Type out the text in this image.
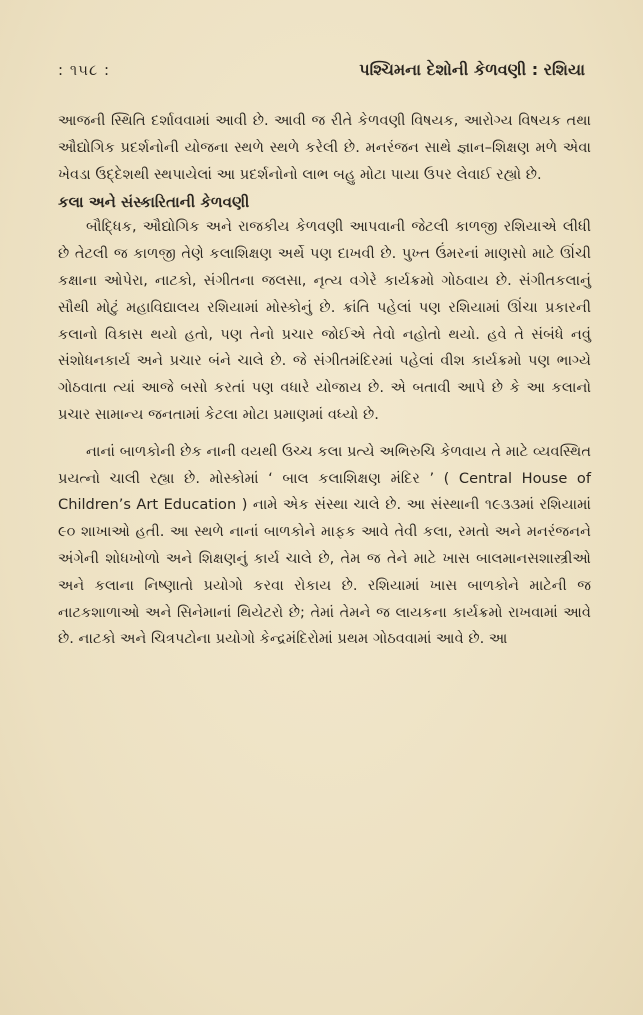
: ૧૫૮ :	પશ્ચિમના દેશોની કેળવણી : રશિયા

આજની સ્થિતિ દર્શાવવામાં આવી છે. આવી જ રીતે કેળવણી વિષયક, આરોગ્ય વિષયક તથા ઔદ્યોગિક પ્રદર્શનોની યોજના સ્થળે સ્થળે કરેલી છે. મનરંજન સાથે જ્ઞાન–શિક્ષણ મળે એવા ખેવડા ઉદ્દેશથી સ્થપાયેલાં આ પ્રદર્શનોનો લાભ બહુ મોટા પાયા ઉપર લેવાઈ રહ્યો છે.

કલા અને સંસ્કારિતાની કેળવણી

બૌદ્ધિક, ઔદ્યોગિક અને રાજકીય કેળવણી આપવાની જેટલી કાળજી રશિયાએ લીધી છે તેટલી જ કાળજી તેણે કલાશિક્ષણ અર્થે પણ દાખવી છે. પુખ્ત ઉંમરનાં માણસો માટે ઊંચી કક્ષાના ઓપેરા, નાટકો, સંગીતના જલસા, નૃત્ય વગેરે કાર્યક્રમો ગોઠવાય છે. સંગીતકલાનું સૌથી મોટું મહાવિદ્યાલય રશિયામાં મોસ્કોનું છે. ક્રાંતિ પહેલાં પણ રશિયામાં ઊંચા પ્રકારની કલાનો વિકાસ થયો હતો, પણ તેનો પ્રચાર જોઈએ તેવો નહોતો થયો. હવે તે સંબંધે નવું સંશોધનકાર્ય અને પ્રચાર બંને ચાલે છે. જે સંગીતમંદિરમાં પહેલાં વીશ કાર્યક્રમો પણ ભાગ્યે ગોઠવાતા ત્યાં આજે બસો કરતાં પણ વધારે યોજાય છે. એ બતાવી આપે છે કે આ કલાનો પ્રચાર સામાન્ય જનતામાં કેટલા મોટા પ્રમાણમાં વધ્યો છે.

નાનાં બાળકોની છેક નાની વયથી ઉચ્ચ કલા પ્રત્યે અભિરુચિ કેળવાય તે માટે વ્યવસ્થિત પ્રયત્નો ચાલી રહ્યા છે. મોસ્કોમાં ‘ બાલ કલાશિક્ષણ મંદિર ’ ( Central House of Children’s Art Education ) નામે એક સંસ્થા ચાલે છે. આ સંસ્થાની ૧૯૩૩માં રશિયામાં ૯૦ શાખાઓ હતી. આ સ્થળે નાનાં બાળકોને માફક આવે તેવી કલા, રમતો અને મનરંજનને અંગેની શોધખોળો અને શિક્ષણનું કાર્ય ચાલે છે, તેમ જ તેને માટે ખાસ બાલમાનસશાસ્ત્રીઓ અને કલાના નિષ્ણાતો પ્રયોગો કરવા રોકાય છે. રશિયામાં ખાસ બાળકોને માટેની જ નાટકશાળાઓ અને સિનેમાનાં થિયેટરો છે; તેમાં તેમને જ લાયકના કાર્યક્રમો રાખવામાં આવે છે. નાટકો અને ચિત્રપટોના પ્રયોગો કેન્દ્રમંદિરોમાં પ્રથમ ગોઠવવામાં આવે છે. આ
